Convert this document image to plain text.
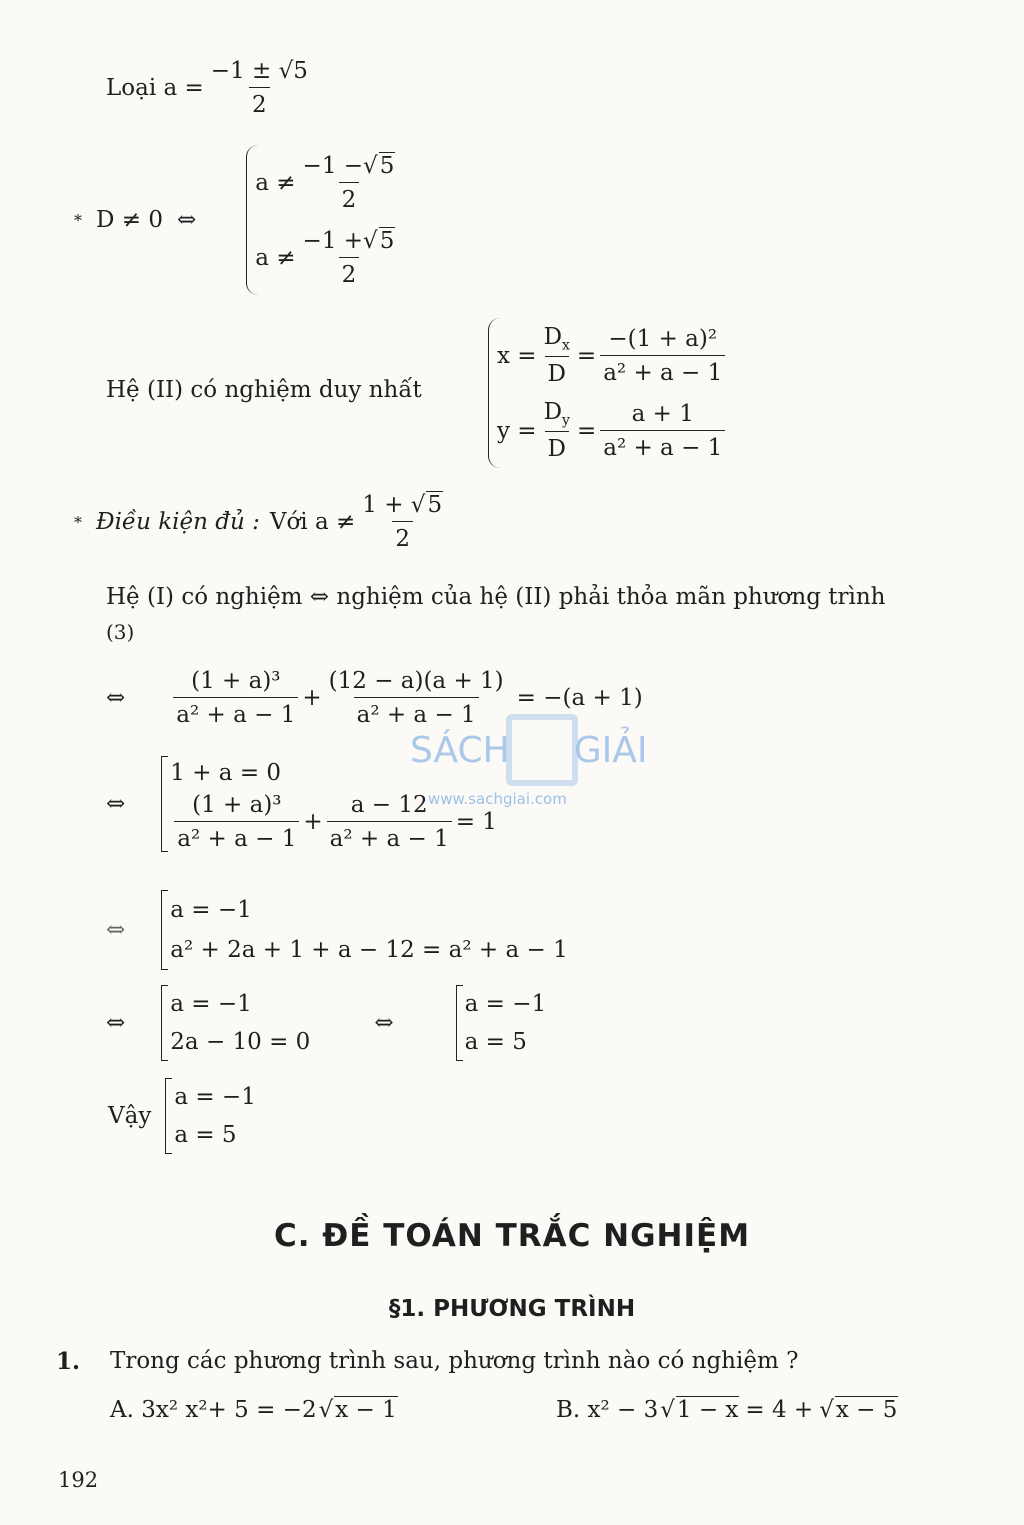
Loại $a = \frac{-1 \pm √5}{2}$
* D ≠ 0 ⇔
$a \ne \frac{-1 -√5}{2}$
$a \ne \frac{-1 +√5}{2}$
Hệ (II) có nghiệm duy nhất
$x = \frac{D_x}{D} = \frac{\text{−(1 + a)²}}{\text{a² + a − 1}}$
$y = \frac{D_y}{D} = \frac{a + 1}{\text{a² + a − 1}}$
* Điều kiện đủ : Với $a \ne \frac{1 + √5}{2}$
Hệ (I) có nghiệm ⇔ nghiệm của hệ (II) phải thỏa mãn phương trình
(3)
⇔ $\frac{\text{(1 + a)³}}{\text{a² + a − 1}} + \frac{(12 - a)(a + 1)}{\text{a² + a − 1}} = -(a + 1)$
⇔
1 + a = 0
$\frac{\text{(1 + a)³}}{\text{a² + a − 1}} + \frac{a - 12}{\text{a² + a − 1}} = 1$
⇔
a = −1
a² + 2a + 1 + a − 12 = a² + a − 1
⇔
a = −1
2a − 10 = 0
⇔
a = −1
a = 5
Vậy
a = −1
a = 5
C. ĐỀ TOÁN TRẮC NGHIỆM
§1. PHƯƠNG TRÌNH
1. Trong các phương trình sau, phương trình nào có nghiệm ?
A. 3x² x²+ 5 = −2 √ x − 1	B. x² − 3 √ 1 − x = 4 + √ x − 5
192
SÁCH GIẢI
www.sachgiai.com
